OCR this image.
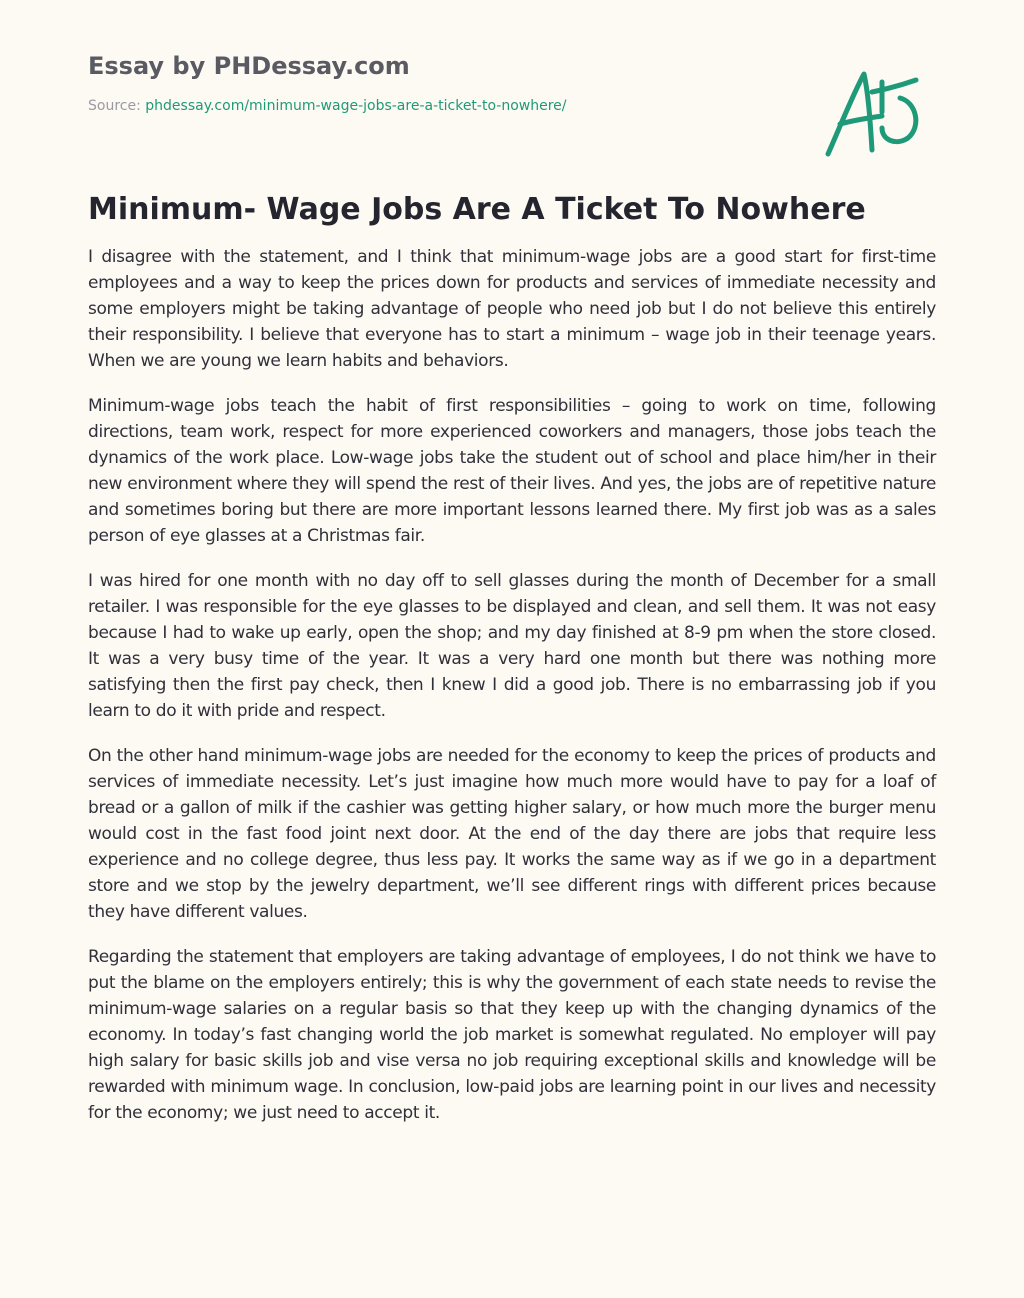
Essay by PHDessay.com
Source: phdessay.com/minimum-wage-jobs-are-a-ticket-to-nowhere/
Minimum- Wage Jobs Are A Ticket To Nowhere

I disagree with the statement, and I think that minimum-wage jobs are a good start for first-time employees and a way to keep the prices down for products and services of immediate necessity and some employers might be taking advantage of people who need job but I do not believe this entirely their responsibility. I believe that everyone has to start a minimum – wage job in their teenage years. When we are young we learn habits and behaviors.

Minimum-wage jobs teach the habit of first responsibilities – going to work on time, following directions, team work, respect for more experienced coworkers and managers, those jobs teach the dynamics of the work place. Low-wage jobs take the student out of school and place him/her in their new environment where they will spend the rest of their lives. And yes, the jobs are of repetitive nature and sometimes boring but there are more important lessons learned there. My first job was as a sales person of eye glasses at a Christmas fair.

I was hired for one month with no day off to sell glasses during the month of December for a small retailer. I was responsible for the eye glasses to be displayed and clean, and sell them. It was not easy because I had to wake up early, open the shop; and my day finished at 8-9 pm when the store closed. It was a very busy time of the year. It was a very hard one month but there was nothing more satisfying then the first pay check, then I knew I did a good job. There is no embarrassing job if you learn to do it with pride and respect.

On the other hand minimum-wage jobs are needed for the economy to keep the prices of products and services of immediate necessity. Let’s just imagine how much more would have to pay for a loaf of bread or a gallon of milk if the cashier was getting higher salary, or how much more the burger menu would cost in the fast food joint next door. At the end of the day there are jobs that require less experience and no college degree, thus less pay. It works the same way as if we go in a department store and we stop by the jewelry department, we’ll see different rings with different prices because they have different values.

Regarding the statement that employers are taking advantage of employees, I do not think we have to put the blame on the employers entirely; this is why the government of each state needs to revise the minimum-wage salaries on a regular basis so that they keep up with the changing dynamics of the economy. In today’s fast changing world the job market is somewhat regulated. No employer will pay high salary for basic skills job and vise versa no job requiring exceptional skills and knowledge will be rewarded with minimum wage. In conclusion, low-paid jobs are learning point in our lives and necessity for the economy; we just need to accept it.
